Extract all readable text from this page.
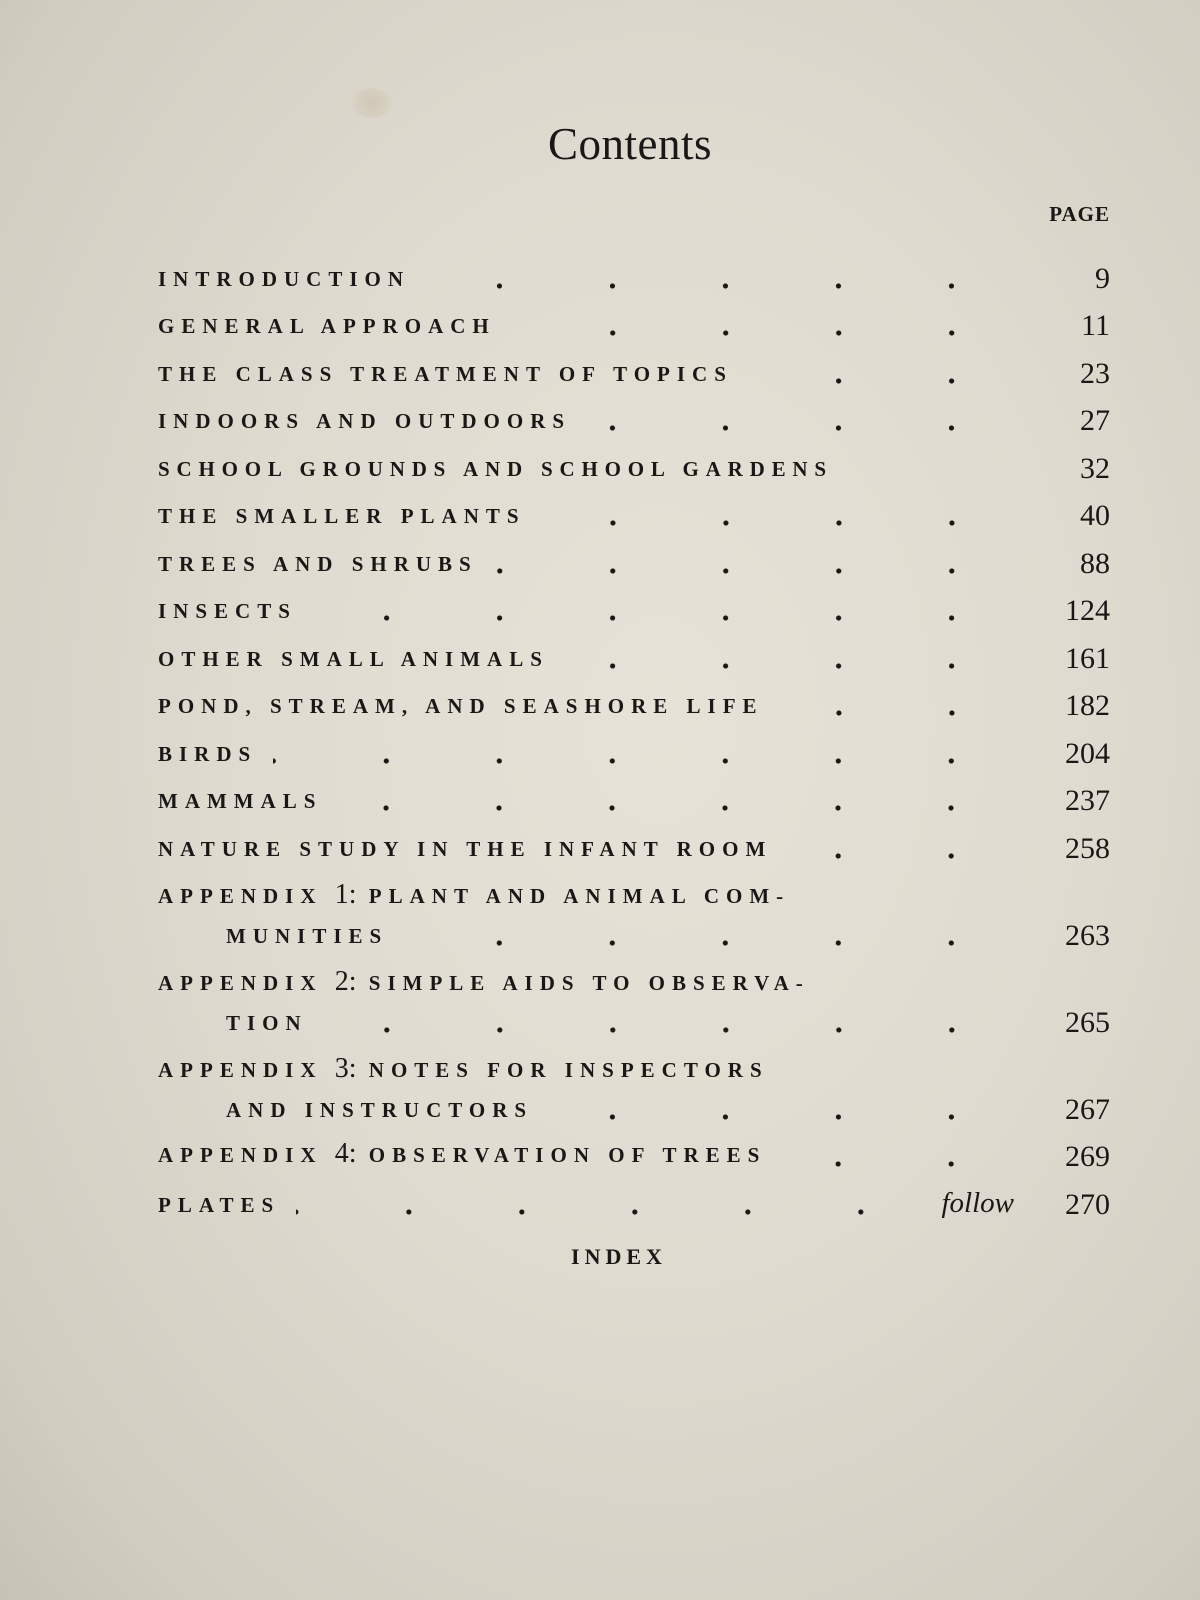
Contents
PAGE
INTRODUCTION	9
GENERAL APPROACH	11
THE CLASS TREATMENT OF TOPICS	23
INDOORS AND OUTDOORS	27
SCHOOL GROUNDS AND SCHOOL GARDENS	32
THE SMALLER PLANTS	40
TREES AND SHRUBS	88
INSECTS	124
OTHER SMALL ANIMALS	161
POND, STREAM, AND SEASHORE LIFE	182
BIRDS	204
MAMMALS	237
NATURE STUDY IN THE INFANT ROOM	258
APPENDIX 1: PLANT AND ANIMAL COM-
MUNITIES	263
APPENDIX 2: SIMPLE AIDS TO OBSERVA-
TION	265
APPENDIX 3: NOTES FOR INSPECTORS
AND INSTRUCTORS	267
APPENDIX 4: OBSERVATION OF TREES	269
PLATES	follow	270
INDEX
